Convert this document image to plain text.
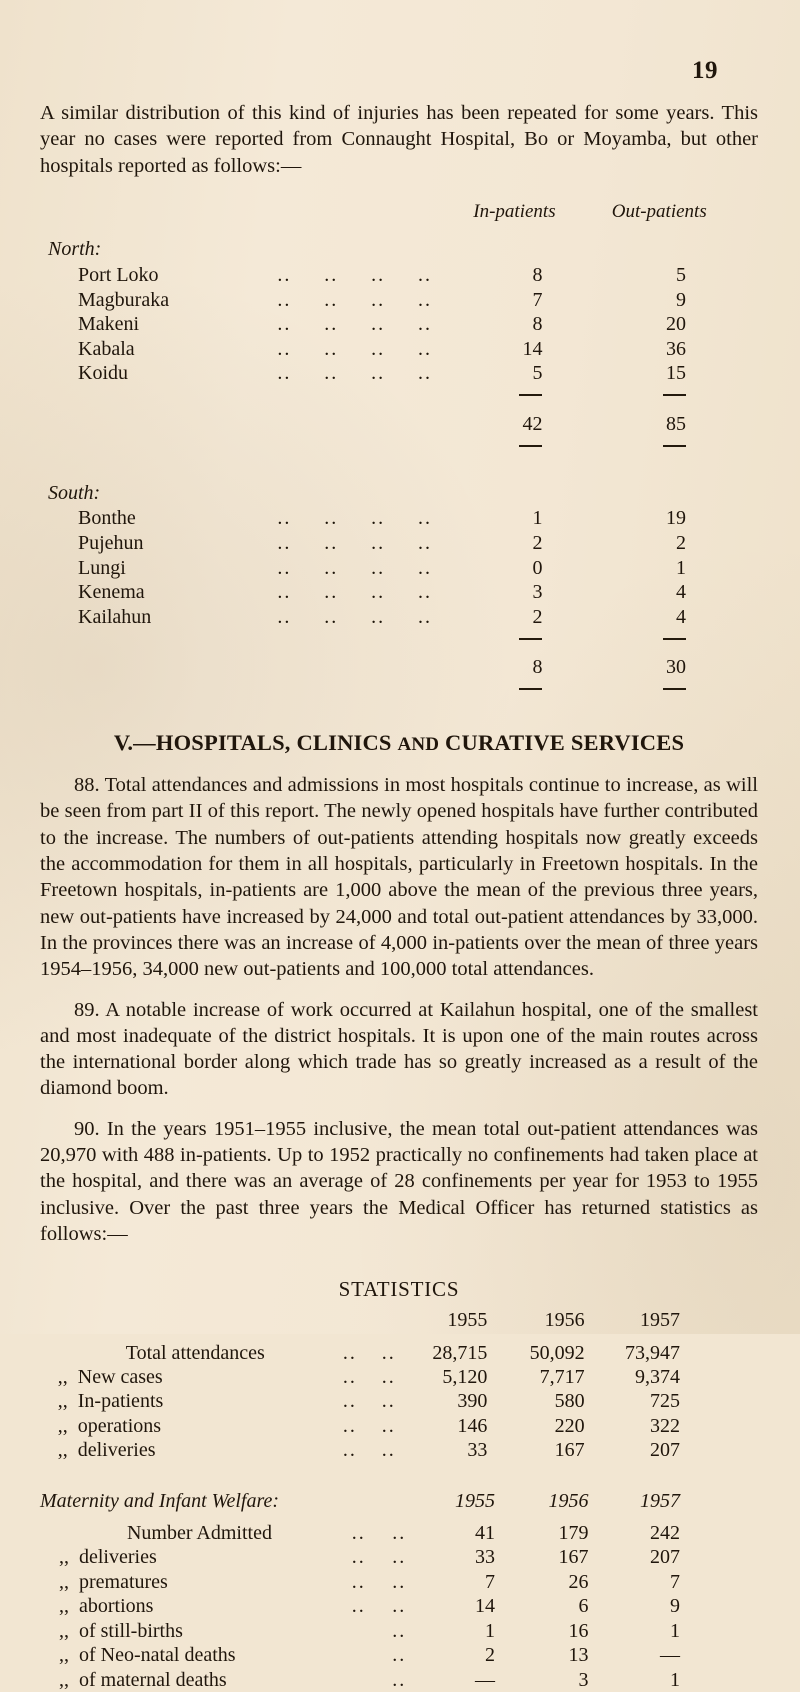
19

A similar distribution of this kind of injuries has been repeated for some years. This year no cases were reported from Connaught Hospital, Bo or Moyamba, but other hospitals reported as follows:—

					In-patients	Out-patients
North:						
Port Loko	..	..	..	..	8	5
Magburaka	..	..	..	..	7	9
Makeni	..	..	..	..	8	20
Kabala	..	..	..	..	14	36
Koidu	..	..	..	..	5	15

					42	85

South:						
Bonthe	..	..	..	..	1	19
Pujehun	..	..	..	..	2	2
Lungi	..	..	..	..	0	1
Kenema	..	..	..	..	3	4
Kailahun	..	..	..	..	2	4

					8	30

V.—HOSPITALS, CLINICS AND CURATIVE SERVICES

88. Total attendances and admissions in most hospitals continue to increase, as will be seen from part II of this report. The newly opened hospitals have further contributed to the increase. The numbers of out-patients attending hospitals now greatly exceeds the accommodation for them in all hospitals, particularly in Freetown hospitals. In the Freetown hospitals, in-patients are 1,000 above the mean of the previous three years, new out-patients have increased by 24,000 and total out-patient attendances by 33,000. In the provinces there was an increase of 4,000 in-patients over the mean of three years 1954–1956, 34,000 new out-patients and 100,000 total attendances.

89. A notable increase of work occurred at Kailahun hospital, one of the smallest and most inadequate of the district hospitals. It is upon one of the main routes across the international border along which trade has so greatly increased as a result of the diamond boom.

90. In the years 1951–1955 inclusive, the mean total out-patient attendances was 20,970 with 488 in-patients. Up to 1952 practically no confinements had taken place at the hospital, and there was an average of 28 confinements per year for 1953 to 1955 inclusive. Over the past three years the Medical Officer has returned statistics as follows:—

STATISTICS
				1955	1956	1957
	Total attendances	..	..	28,715	50,092	73,947
,,	New cases	..	..	5,120	7,717	9,374
,,	In-patients	..	..	390	580	725
,,	operations	..	..	146	220	322
,,	deliveries	..	..	33	167	207
Maternity and Infant Welfare:				1955	1956	1957
	Number Admitted	..	..	41	179	242
,,	deliveries	..	..	33	167	207
,,	prematures	..	..	7	26	7
,,	abortions	..	..	14	6	9
,,	of still-births		..	1	16	1
,,	of Neo-natal deaths		..	2	13	—
,,	of maternal deaths		..	—	3	1
